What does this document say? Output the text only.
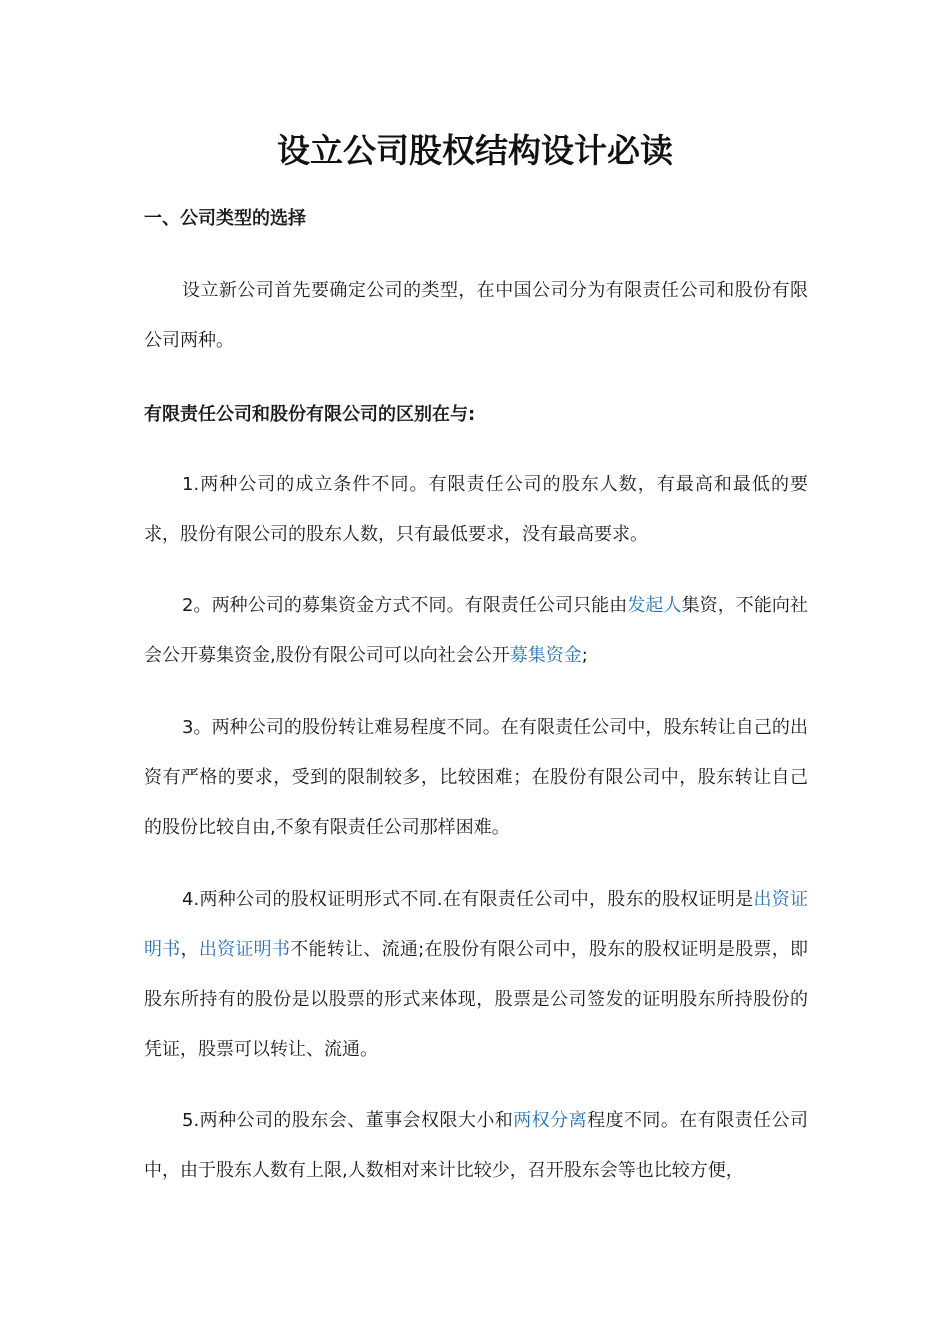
设立公司股权结构设计必读
一、公司类型的选择

设立新公司首先要确定公司的类型，在中国公司分为有限责任公司和股份有限公司两种。

有限责任公司和股份有限公司的区别在与:

1.两种公司的成立条件不同。有限责任公司的股东人数，有最高和最低的要求，股份有限公司的股东人数，只有最低要求，没有最高要求。

2。两种公司的募集资金方式不同。有限责任公司只能由发起人集资，不能向社会公开募集资金,股份有限公司可以向社会公开募集资金;

3。两种公司的股份转让难易程度不同。在有限责任公司中，股东转让自己的出资有严格的要求，受到的限制较多，比较困难；在股份有限公司中，股东转让自己的股份比较自由,不象有限责任公司那样困难。

4.两种公司的股权证明形式不同.在有限责任公司中，股东的股权证明是出资证明书，出资证明书不能转让、流通;在股份有限公司中，股东的股权证明是股票，即股东所持有的股份是以股票的形式来体现，股票是公司签发的证明股东所持股份的凭证，股票可以转让、流通。

5.两种公司的股东会、董事会权限大小和两权分离程度不同。在有限责任公司中，由于股东人数有上限,人数相对来计比较少，召开股东会等也比较方便，
